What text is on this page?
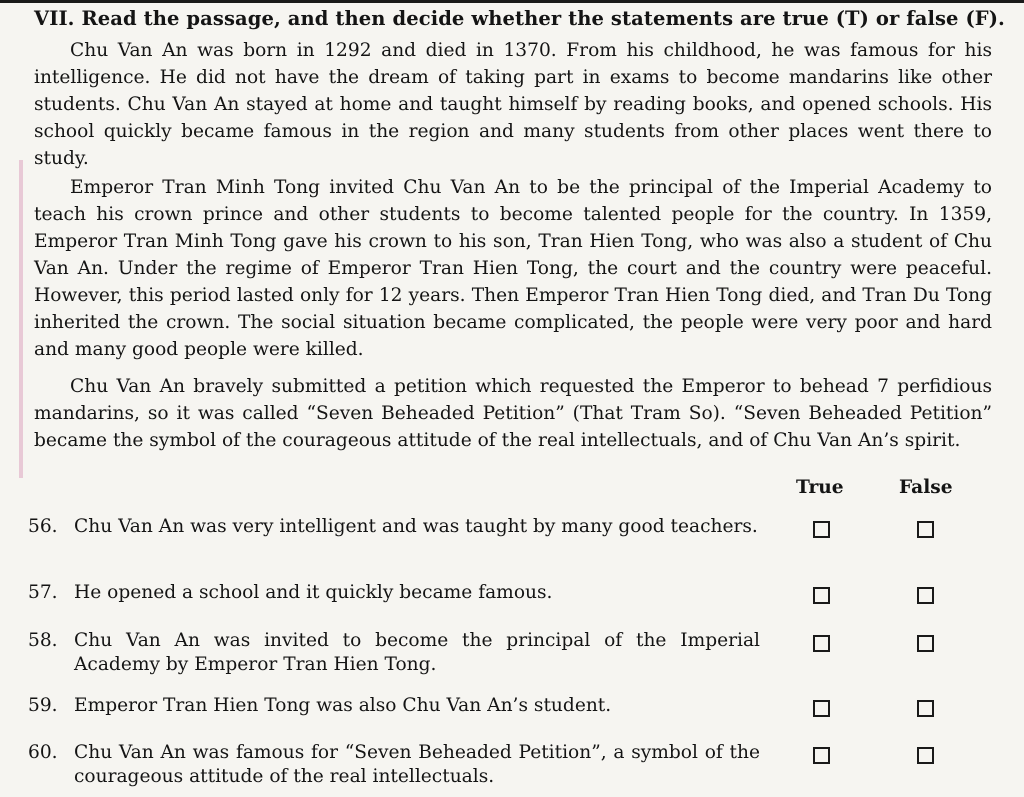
VII. Read the passage, and then decide whether the statements are true (T) or false (F).

Chu Van An was born in 1292 and died in 1370. From his childhood, he was famous for his intelligence. He did not have the dream of taking part in exams to become mandarins like other students. Chu Van An stayed at home and taught himself by reading books, and opened schools. His school quickly became famous in the region and many students from other places went there to study.

Emperor Tran Minh Tong invited Chu Van An to be the principal of the Imperial Academy to teach his crown prince and other students to become talented people for the country. In 1359, Emperor Tran Minh Tong gave his crown to his son, Tran Hien Tong, who was also a student of Chu Van An. Under the regime of Emperor Tran Hien Tong, the court and the country were peaceful. However, this period lasted only for 12 years. Then Emperor Tran Hien Tong died, and Tran Du Tong inherited the crown. The social situation became complicated, the people were very poor and hard and many good people were killed.

Chu Van An bravely submitted a petition which requested the Emperor to behead 7 perfidious mandarins, so it was called “Seven Beheaded Petition” (That Tram So). “Seven Beheaded Petition” became the symbol of the courageous attitude of the real intellectuals, and of Chu Van An’s spirit.

True	False
56. Chu Van An was very intelligent and was taught by many good teachers.
57. He opened a school and it quickly became famous.
58. Chu Van An was invited to become the principal of the Imperial Academy by Emperor Tran Hien Tong.
59. Emperor Tran Hien Tong was also Chu Van An’s student.
60. Chu Van An was famous for “Seven Beheaded Petition”, a symbol of the courageous attitude of the real intellectuals.
